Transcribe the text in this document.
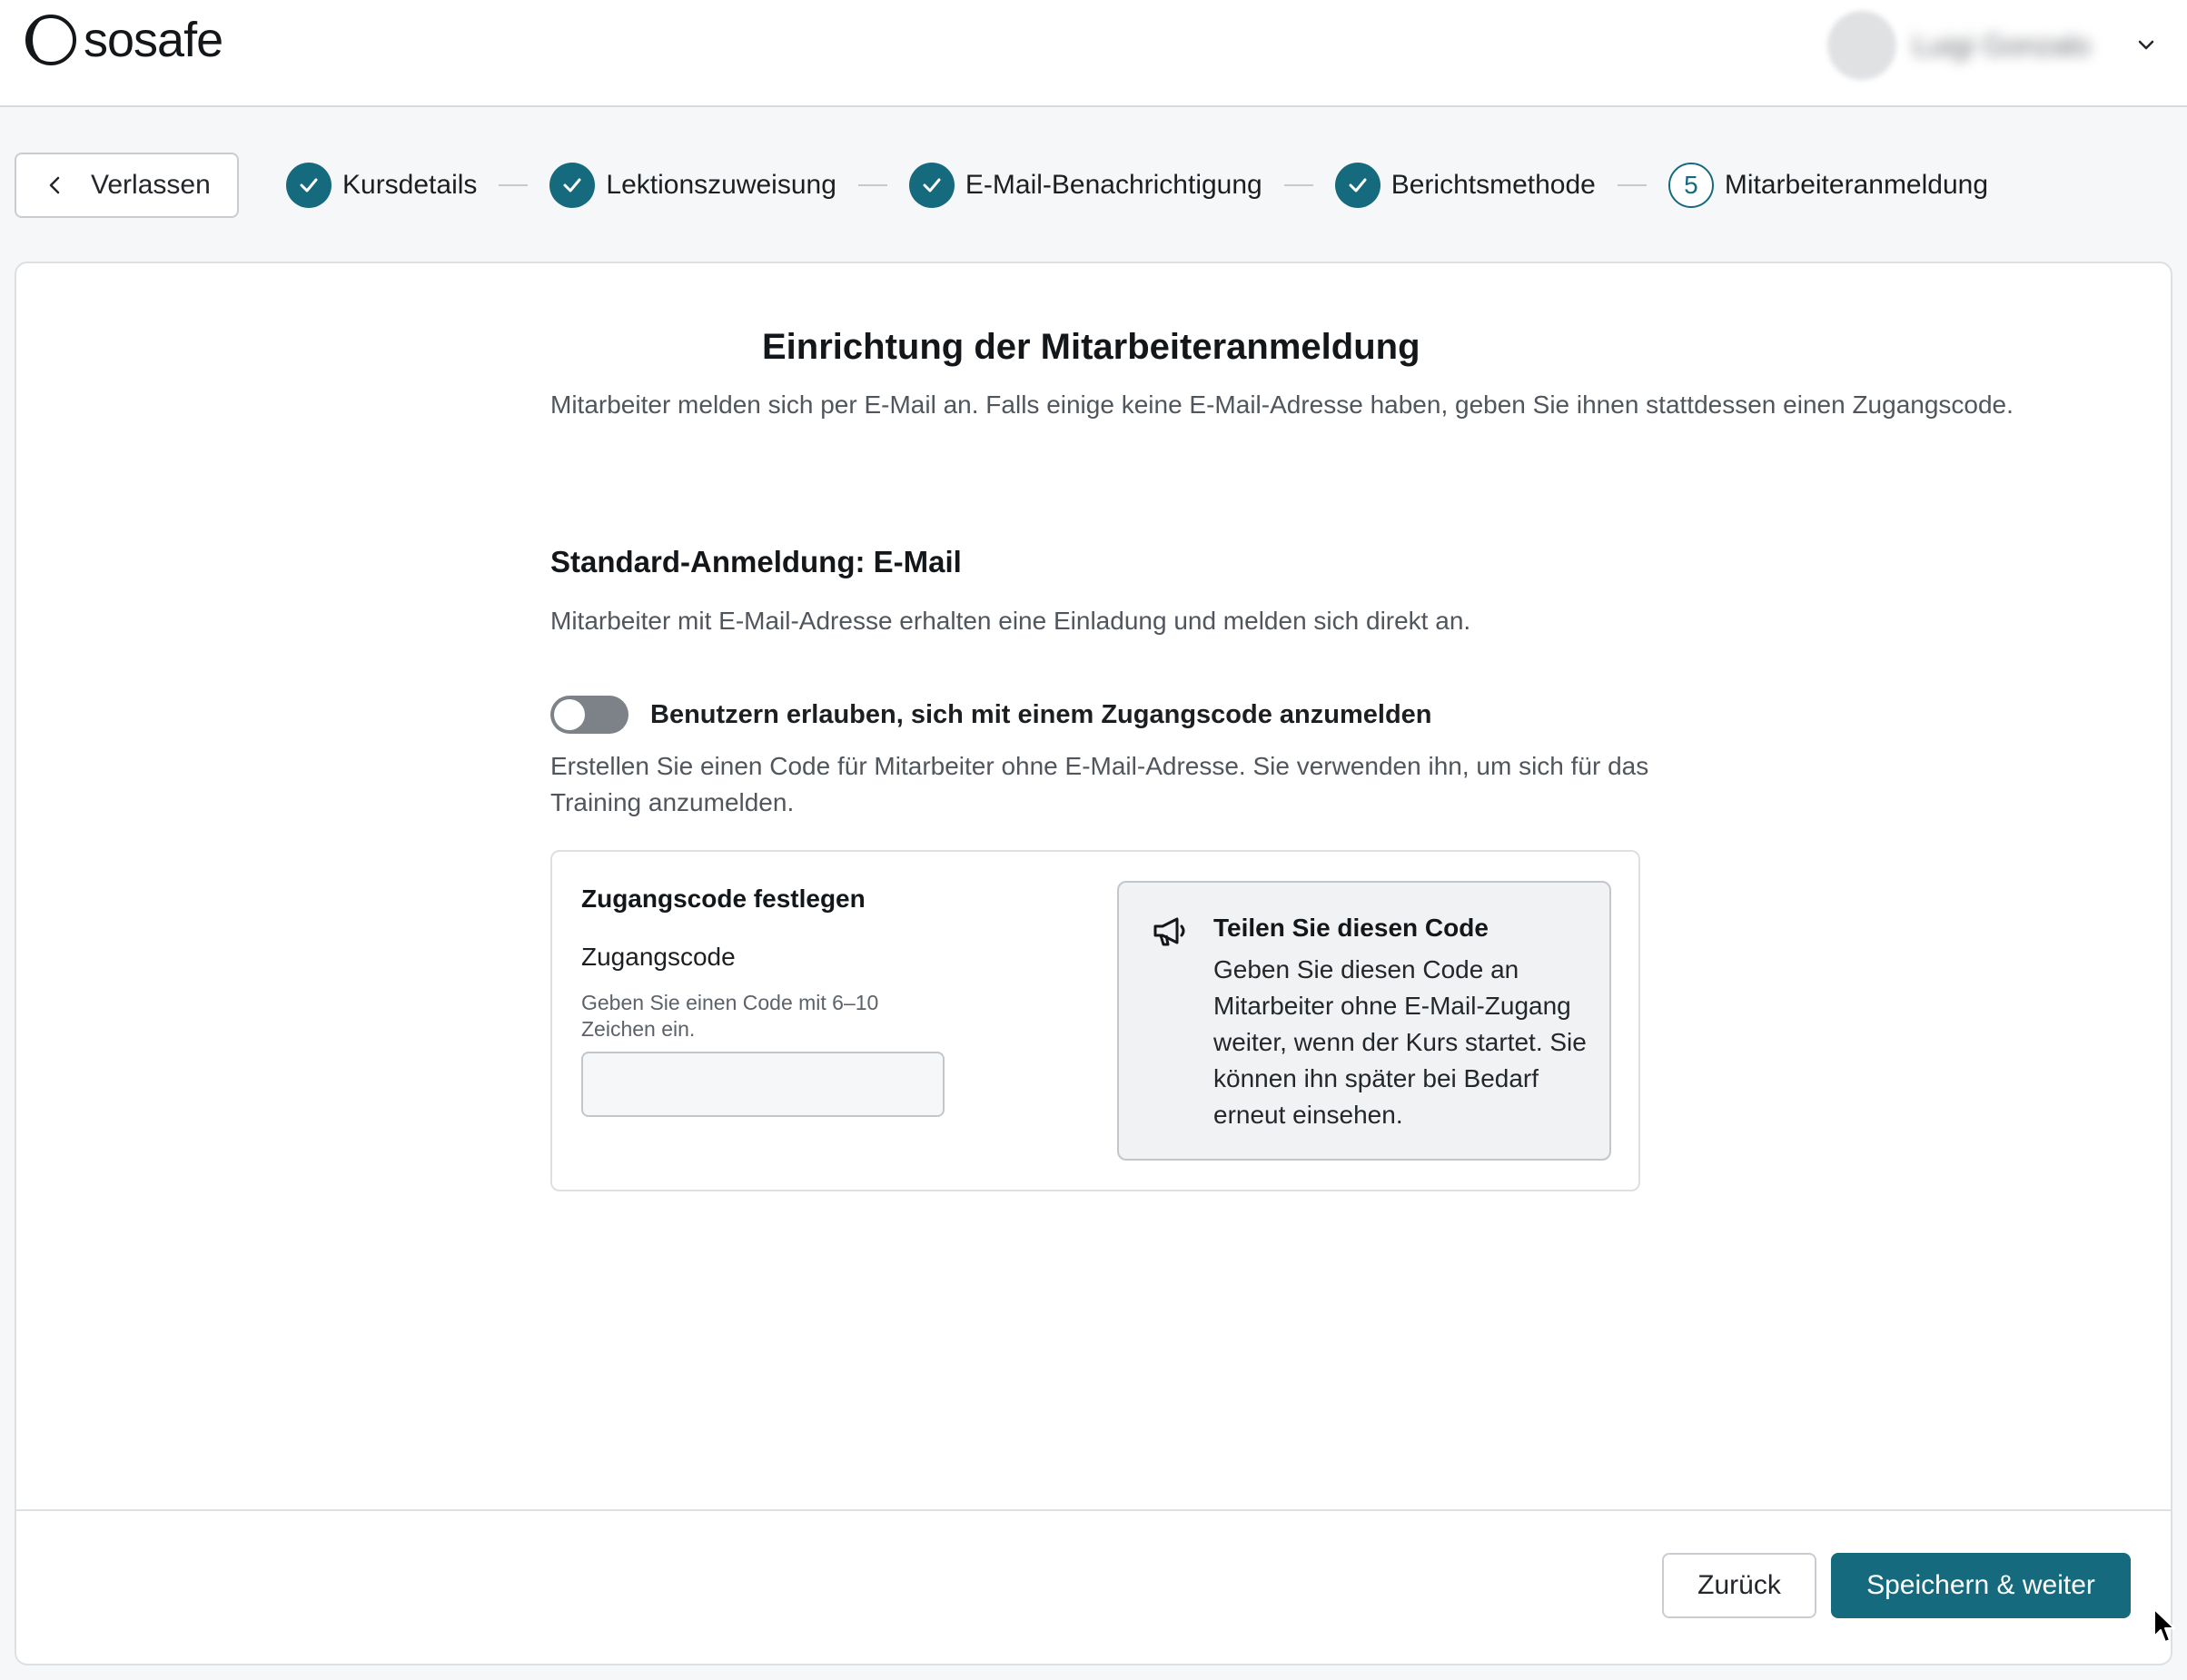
sosafe	Luigi Gonzalo
Verlassen	Kursdetails	Lektionszuweisung	E-Mail-Benachrichtigung	Berichtsmethode	5 Mitarbeiteranmeldung
Einrichtung der Mitarbeiteranmeldung

Mitarbeiter melden sich per E-Mail an. Falls einige keine E-Mail-Adresse haben, geben Sie ihnen stattdessen einen Zugangscode.

Standard-Anmeldung: E-Mail

Mitarbeiter mit E-Mail-Adresse erhalten eine Einladung und melden sich direkt an.

Benutzern erlauben, sich mit einem Zugangscode anzumelden

Erstellen Sie einen Code für Mitarbeiter ohne E-Mail-Adresse. Sie verwenden ihn, um sich für das Training anzumelden.

Zugangscode festlegen
Zugangscode
Geben Sie einen Code mit 6–10 Zeichen ein.
Teilen Sie diesen Code
Geben Sie diesen Code an Mitarbeiter ohne E-Mail-Zugang weiter, wenn der Kurs startet. Sie können ihn später bei Bedarf erneut einsehen.
Zurück	Speichern & weiter
